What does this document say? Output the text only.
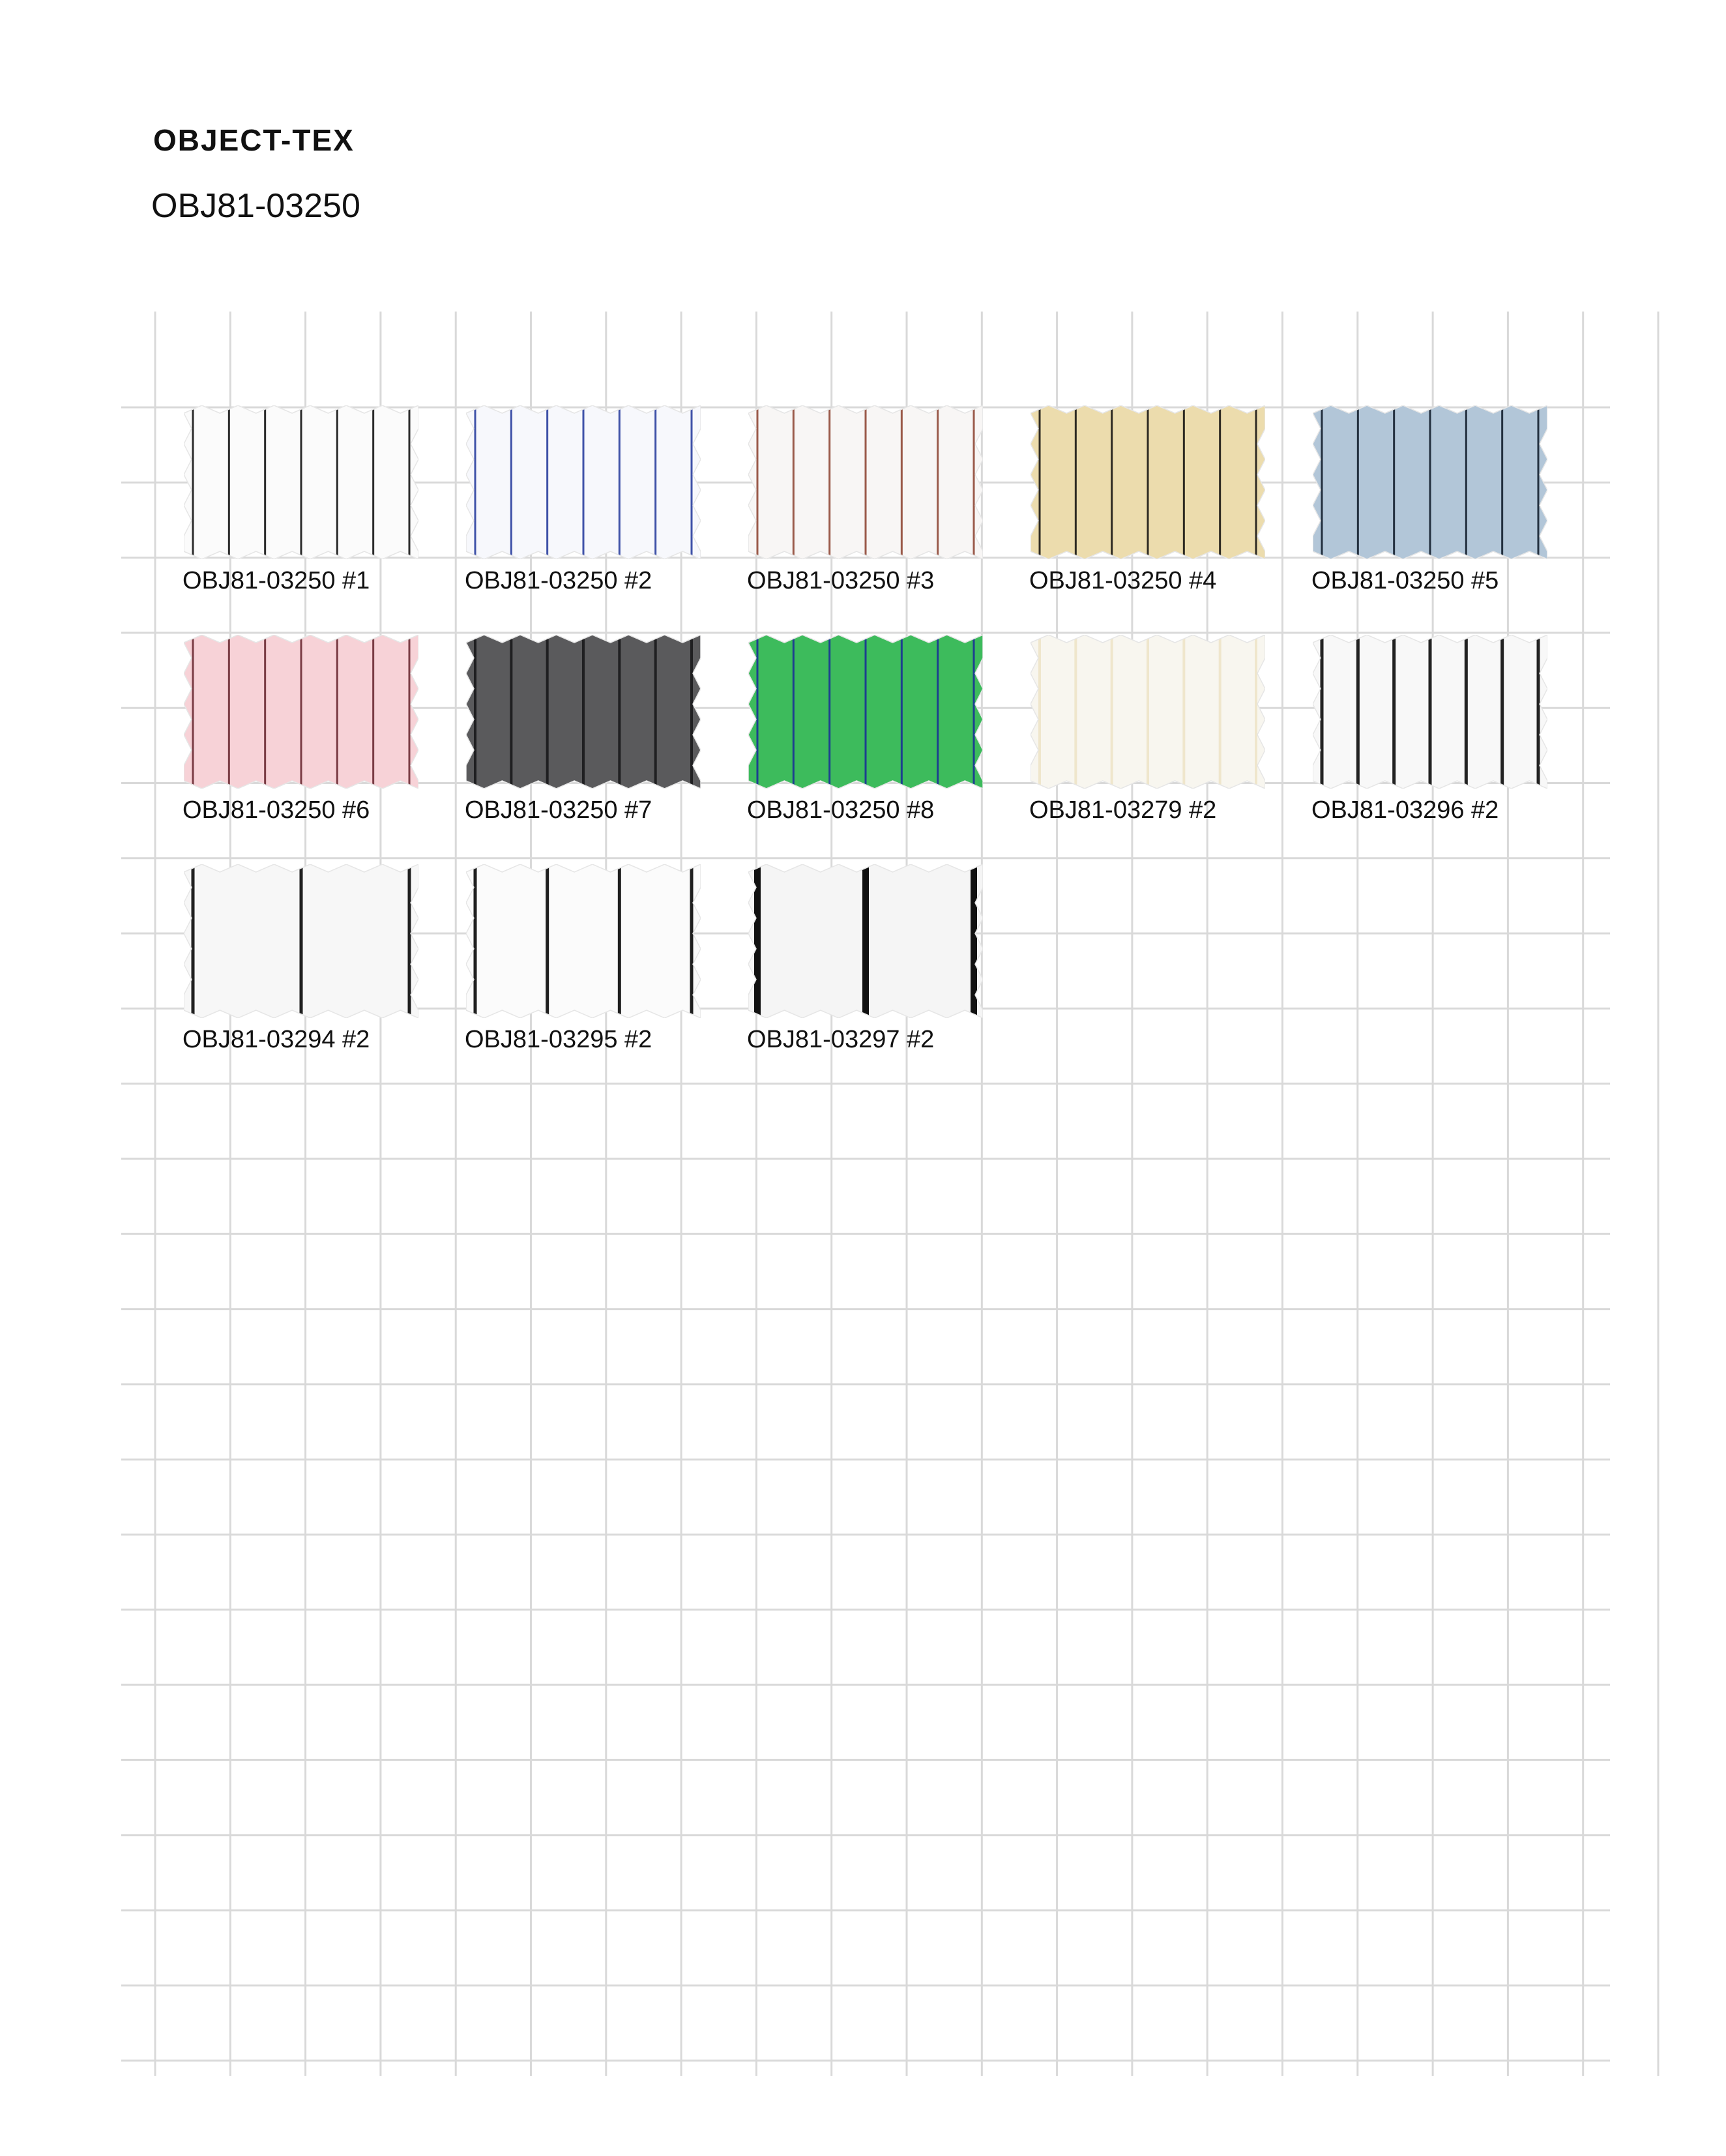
OBJECT-TEX
OBJ81-03250
OBJ81-03250 #1	OBJ81-03250 #2	OBJ81-03250 #3	OBJ81-03250 #4	OBJ81-03250 #5
OBJ81-03250 #6	OBJ81-03250 #7	OBJ81-03250 #8	OBJ81-03279 #2	OBJ81-03296 #2
OBJ81-03294 #2	OBJ81-03295 #2	OBJ81-03297 #2
